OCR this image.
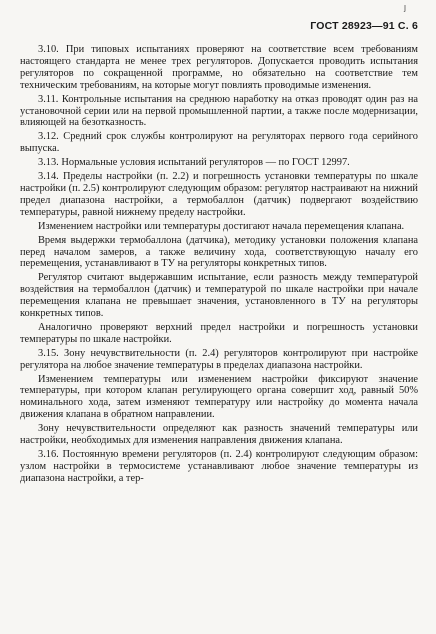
ȷ
ГОСТ 28923—91 С. 6

3.10. При типовых испытаниях проверяют на соответствие всем требованиям настоящего стандарта не менее трех регуляторов. Допускается проводить испытания регуляторов по сокращенной программе, но обязательно на соответствие тем техническим требованиям, на которые могут повлиять проводимые изменения.

3.11. Контрольные испытания на среднюю наработку на отказ проводят один раз на установочной серии или на первой промышленной партии, а также после модернизации, влияющей на безотказность.

3.12. Средний срок службы контролируют на регуляторах первого года серийного выпуска.

3.13. Нормальные условия испытаний регуляторов — по ГОСТ 12997.

3.14. Пределы настройки (п. 2.2) и погрешность установки температуры по шкале настройки (п. 2.5) контролируют следующим образом: регулятор настраивают на нижний предел диапазона настройки, а термобаллон (датчик) подвергают воздействию температуры, равной нижнему пределу настройки.

Изменением настройки или температуры достигают начала перемещения клапана.

Время выдержки термобаллона (датчика), методику установки положения клапана перед началом замеров, а также величину хода, соответствующую началу его перемещения, устанавливают в ТУ на регуляторы конкретных типов.

Регулятор считают выдержавшим испытание, если разность между температурой воздействия на термобаллон (датчик) и температурой по шкале настройки при начале перемещения клапана не превышает значения, установленного в ТУ на регуляторы конкретных типов.

Аналогично проверяют верхний предел настройки и погрешность установки температуры по шкале настройки.

3.15. Зону нечувствительности (п. 2.4) регуляторов контролируют при настройке регулятора на любое значение температуры в пределах диапазона настройки.

Изменением температуры или изменением настройки фиксируют значение температуры, при котором клапан регулирующего органа совершит ход, равный 50% номинального хода, затем изменяют температуру или настройку до момента начала движения клапана в обратном направлении.

Зону нечувствительности определяют как разность значений температуры или настройки, необходимых для изменения направления движения клапана.

3.16. Постоянную времени регуляторов (п. 2.4) контролируют следующим образом: узлом настройки в термосистеме устанавливают любое значение температуры из диапазона настройки, а тер-
